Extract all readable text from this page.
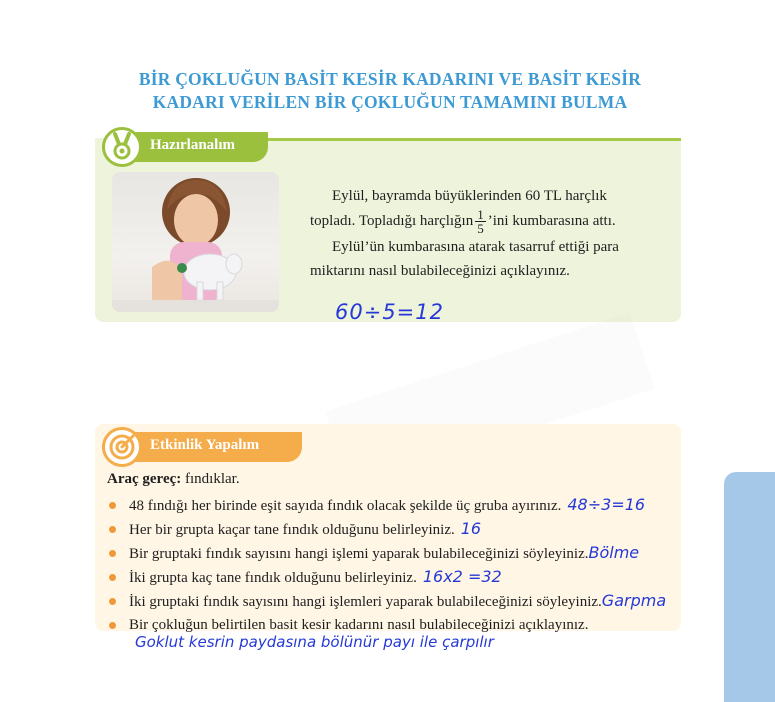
BİR ÇOKLUĞUN BASİT KESİR KADARINI VE BASİT KESİR
KADARI VERİLEN BİR ÇOKLUĞUN TAMAMINI BULMA
Hazırlanalım

Eylül, bayramda büyüklerinden 60 TL harçlık

topladı. Topladığı harçlığın $\frac{1}{5}$ ’ini kumbarasına attı.

Eylül’ün kumbarasına atarak tasarruf ettiği para

miktarını nasıl bulabileceğinizi açıklayınız.
60÷5=12
Etkinlik Yapalım
Araç gereç: fındıklar.
48 fındığı her birinde eşit sayıda fındık olacak şekilde üç gruba ayırınız. 48÷3=16
Her bir grupta kaçar tane fındık olduğunu belirleyiniz. 16
Bir gruptaki fındık sayısını hangi işlemi yaparak bulabileceğinizi söyleyiniz.Bölme
İki grupta kaç tane fındık olduğunu belirleyiniz. 16x2 =32
İki gruptaki fındık sayısını hangi işlemleri yaparak bulabileceğinizi söyleyiniz.Garpma
Bir çokluğun belirtilen basit kesir kadarını nasıl bulabileceğinizi açıklayınız.
Goklut kesrin paydasına bölünür payı ile çarpılır
